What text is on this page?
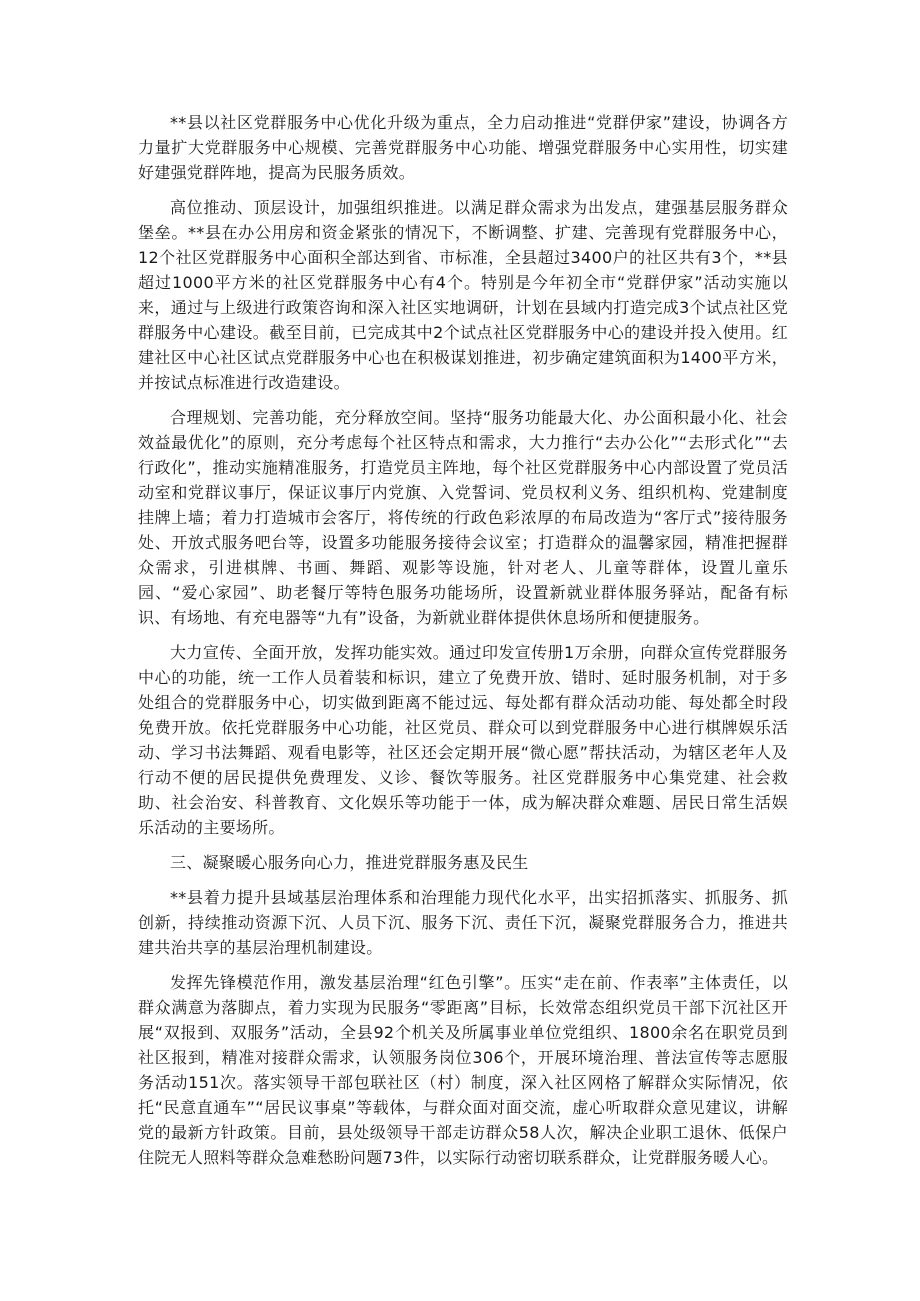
**县以社区党群服务中心优化升级为重点，全力启动推进“党群伊家”建设，协调各方力量扩大党群服务中心规模、完善党群服务中心功能、增强党群服务中心实用性，切实建好建强党群阵地，提高为民服务质效。

高位推动、顶层设计，加强组织推进。以满足群众需求为出发点，建强基层服务群众堡垒。**县在办公用房和资金紧张的情况下，不断调整、扩建、完善现有党群服务中心，12个社区党群服务中心面积全部达到省、市标准，全县超过3400户的社区共有3个，**县超过1000平方米的社区党群服务中心有4个。特别是今年初全市“党群伊家”活动实施以来，通过与上级进行政策咨询和深入社区实地调研，计划在县域内打造完成3个试点社区党群服务中心建设。截至目前，已完成其中2个试点社区党群服务中心的建设并投入使用。红建社区中心社区试点党群服务中心也在积极谋划推进，初步确定建筑面积为1400平方米，并按试点标准进行改造建设。

合理规划、完善功能，充分释放空间。坚持“服务功能最大化、办公面积最小化、社会效益最优化”的原则，充分考虑每个社区特点和需求，大力推行“去办公化”“去形式化”“去行政化”，推动实施精准服务，打造党员主阵地，每个社区党群服务中心内部设置了党员活动室和党群议事厅，保证议事厅内党旗、入党誓词、党员权利义务、组织机构、党建制度挂牌上墙；着力打造城市会客厅，将传统的行政色彩浓厚的布局改造为“客厅式”接待服务处、开放式服务吧台等，设置多功能服务接待会议室；打造群众的温馨家园，精准把握群众需求，引进棋牌、书画、舞蹈、观影等设施，针对老人、儿童等群体，设置儿童乐园、“爱心家园”、助老餐厅等特色服务功能场所，设置新就业群体服务驿站，配备有标识、有场地、有充电器等“九有”设备，为新就业群体提供休息场所和便捷服务。

大力宣传、全面开放，发挥功能实效。通过印发宣传册1万余册，向群众宣传党群服务中心的功能，统一工作人员着装和标识，建立了免费开放、错时、延时服务机制，对于多处组合的党群服务中心，切实做到距离不能过远、每处都有群众活动功能、每处都全时段免费开放。依托党群服务中心功能，社区党员、群众可以到党群服务中心进行棋牌娱乐活动、学习书法舞蹈、观看电影等，社区还会定期开展“微心愿”帮扶活动，为辖区老年人及行动不便的居民提供免费理发、义诊、餐饮等服务。社区党群服务中心集党建、社会救助、社会治安、科普教育、文化娱乐等功能于一体，成为解决群众难题、居民日常生活娱乐活动的主要场所。

三、凝聚暖心服务向心力，推进党群服务惠及民生

**县着力提升县域基层治理体系和治理能力现代化水平，出实招抓落实、抓服务、抓创新，持续推动资源下沉、人员下沉、服务下沉、责任下沉，凝聚党群服务合力，推进共建共治共享的基层治理机制建设。

发挥先锋模范作用，激发基层治理“红色引擎”。压实“走在前、作表率”主体责任，以群众满意为落脚点，着力实现为民服务“零距离”目标，长效常态组织党员干部下沉社区开展“双报到、双服务”活动，全县92个机关及所属事业单位党组织、1800余名在职党员到社区报到，精准对接群众需求，认领服务岗位306个，开展环境治理、普法宣传等志愿服务活动151次。落实领导干部包联社区（村）制度，深入社区网格了解群众实际情况，依托“民意直通车”“居民议事桌”等载体，与群众面对面交流，虚心听取群众意见建议，讲解党的最新方针政策。目前，县处级领导干部走访群众58人次，解决企业职工退休、低保户住院无人照料等群众急难愁盼问题73件，以实际行动密切联系群众，让党群服务暖人心。
